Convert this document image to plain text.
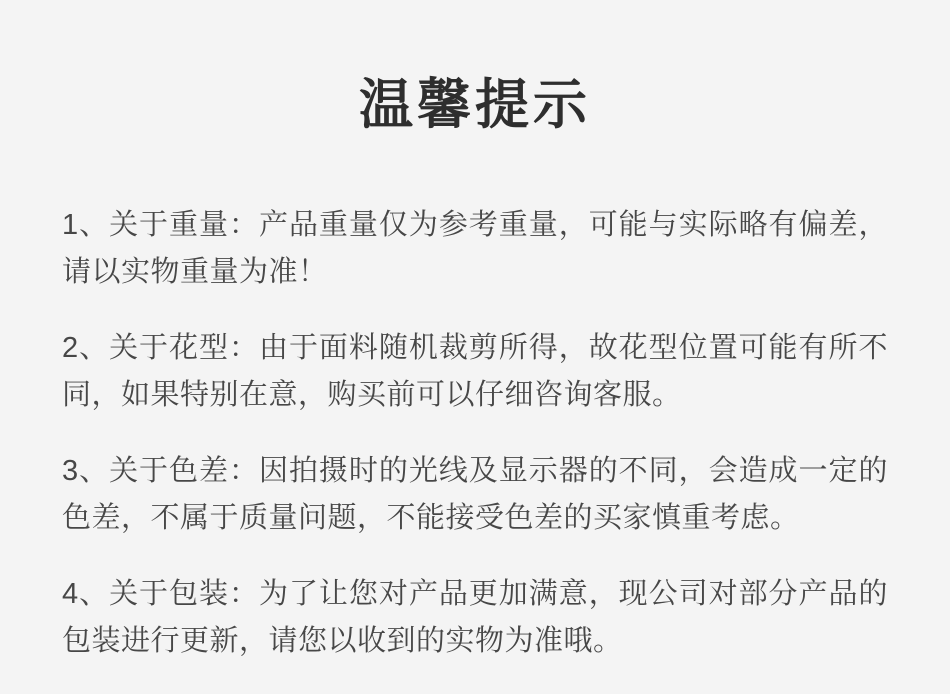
温馨提示

1、关于重量：产品重量仅为参考重量，可能与实际略有偏差，请以实物重量为准！

2、关于花型：由于面料随机裁剪所得，故花型位置可能有所不同，如果特别在意，购买前可以仔细咨询客服。

3、关于色差：因拍摄时的光线及显示器的不同，会造成一定的色差，不属于质量问题，不能接受色差的买家慎重考虑。

4、关于包装：为了让您对产品更加满意，现公司对部分产品的包装进行更新，请您以收到的实物为准哦。
